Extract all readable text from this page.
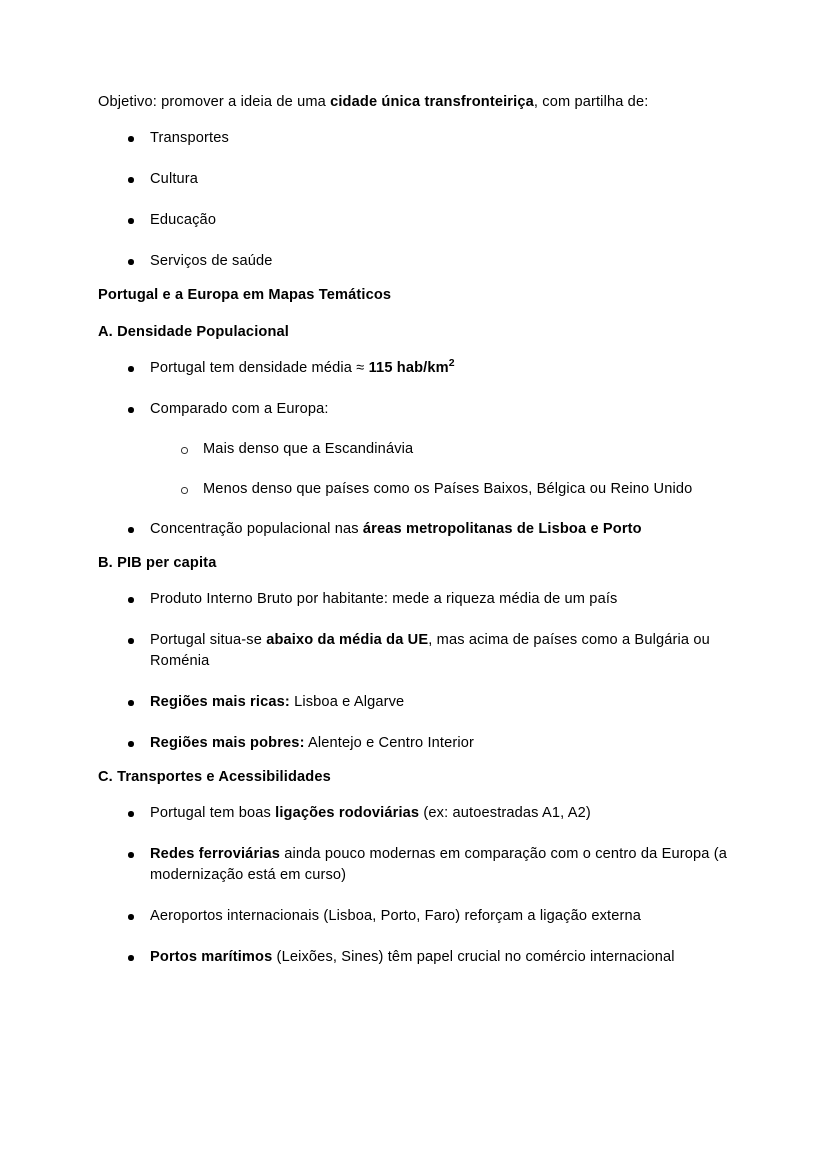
Objetivo: promover a ideia de uma cidade única transfronteiriça, com partilha de:

Transportes
Cultura
Educação
Serviços de saúde
Portugal e a Europa em Mapas Temáticos
A. Densidade Populacional
Portugal tem densidade média ≈ 115 hab/$km^2$
Comparado com a Europa:
Mais denso que a Escandinávia
Menos denso que países como os Países Baixos, Bélgica ou Reino Unido
Concentração populacional nas áreas metropolitanas de Lisboa e Porto
B. PIB per capita
Produto Interno Bruto por habitante: mede a riqueza média de um país
Portugal situa-se abaixo da média da UE, mas acima de países como a Bulgária ou Roménia
Regiões mais ricas: Lisboa e Algarve
Regiões mais pobres: Alentejo e Centro Interior
C. Transportes e Acessibilidades
Portugal tem boas ligações rodoviárias (ex: autoestradas A1, A2)
Redes ferroviárias ainda pouco modernas em comparação com o centro da Europa (a modernização está em curso)
Aeroportos internacionais (Lisboa, Porto, Faro) reforçam a ligação externa
Portos marítimos (Leixões, Sines) têm papel crucial no comércio internacional
